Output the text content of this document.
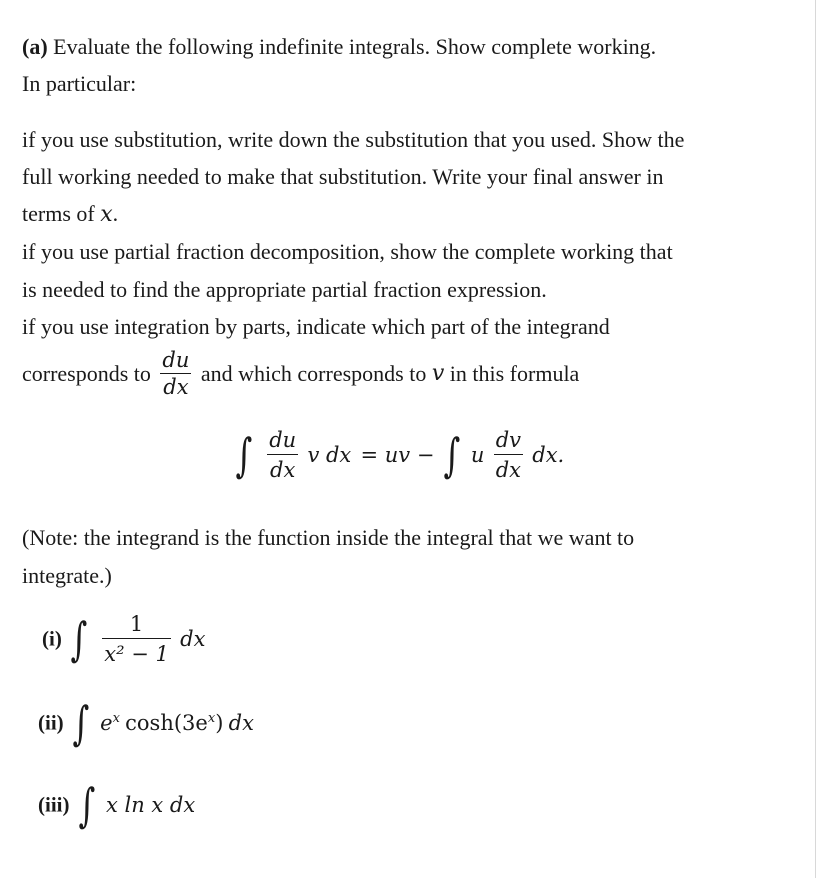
(a) Evaluate the following indefinite integrals. Show complete working.
In particular:
if you use substitution, write down the substitution that you used. Show the
full working needed to make that substitution. Write your final answer in
terms of x.
if you use partial fraction decomposition, show the complete working that
is needed to find the appropriate partial fraction expression.
if you use integration by parts, indicate which part of the integrand
corresponds to $\frac{du}{dx}$ and which corresponds to v in this formula
∫ $\frac{du}{dx}$ v dx = uv − ∫ u $\frac{dv}{dx}$ dx.
(Note: the integrand is the function inside the integral that we want to
integrate.)
(i) ∫ $\frac{1}{\text{x² − 1}}$ dx
(ii) ∫ $e^x$ $\cosh(3e^x)$ dx
(iii) ∫ x ln x dx
